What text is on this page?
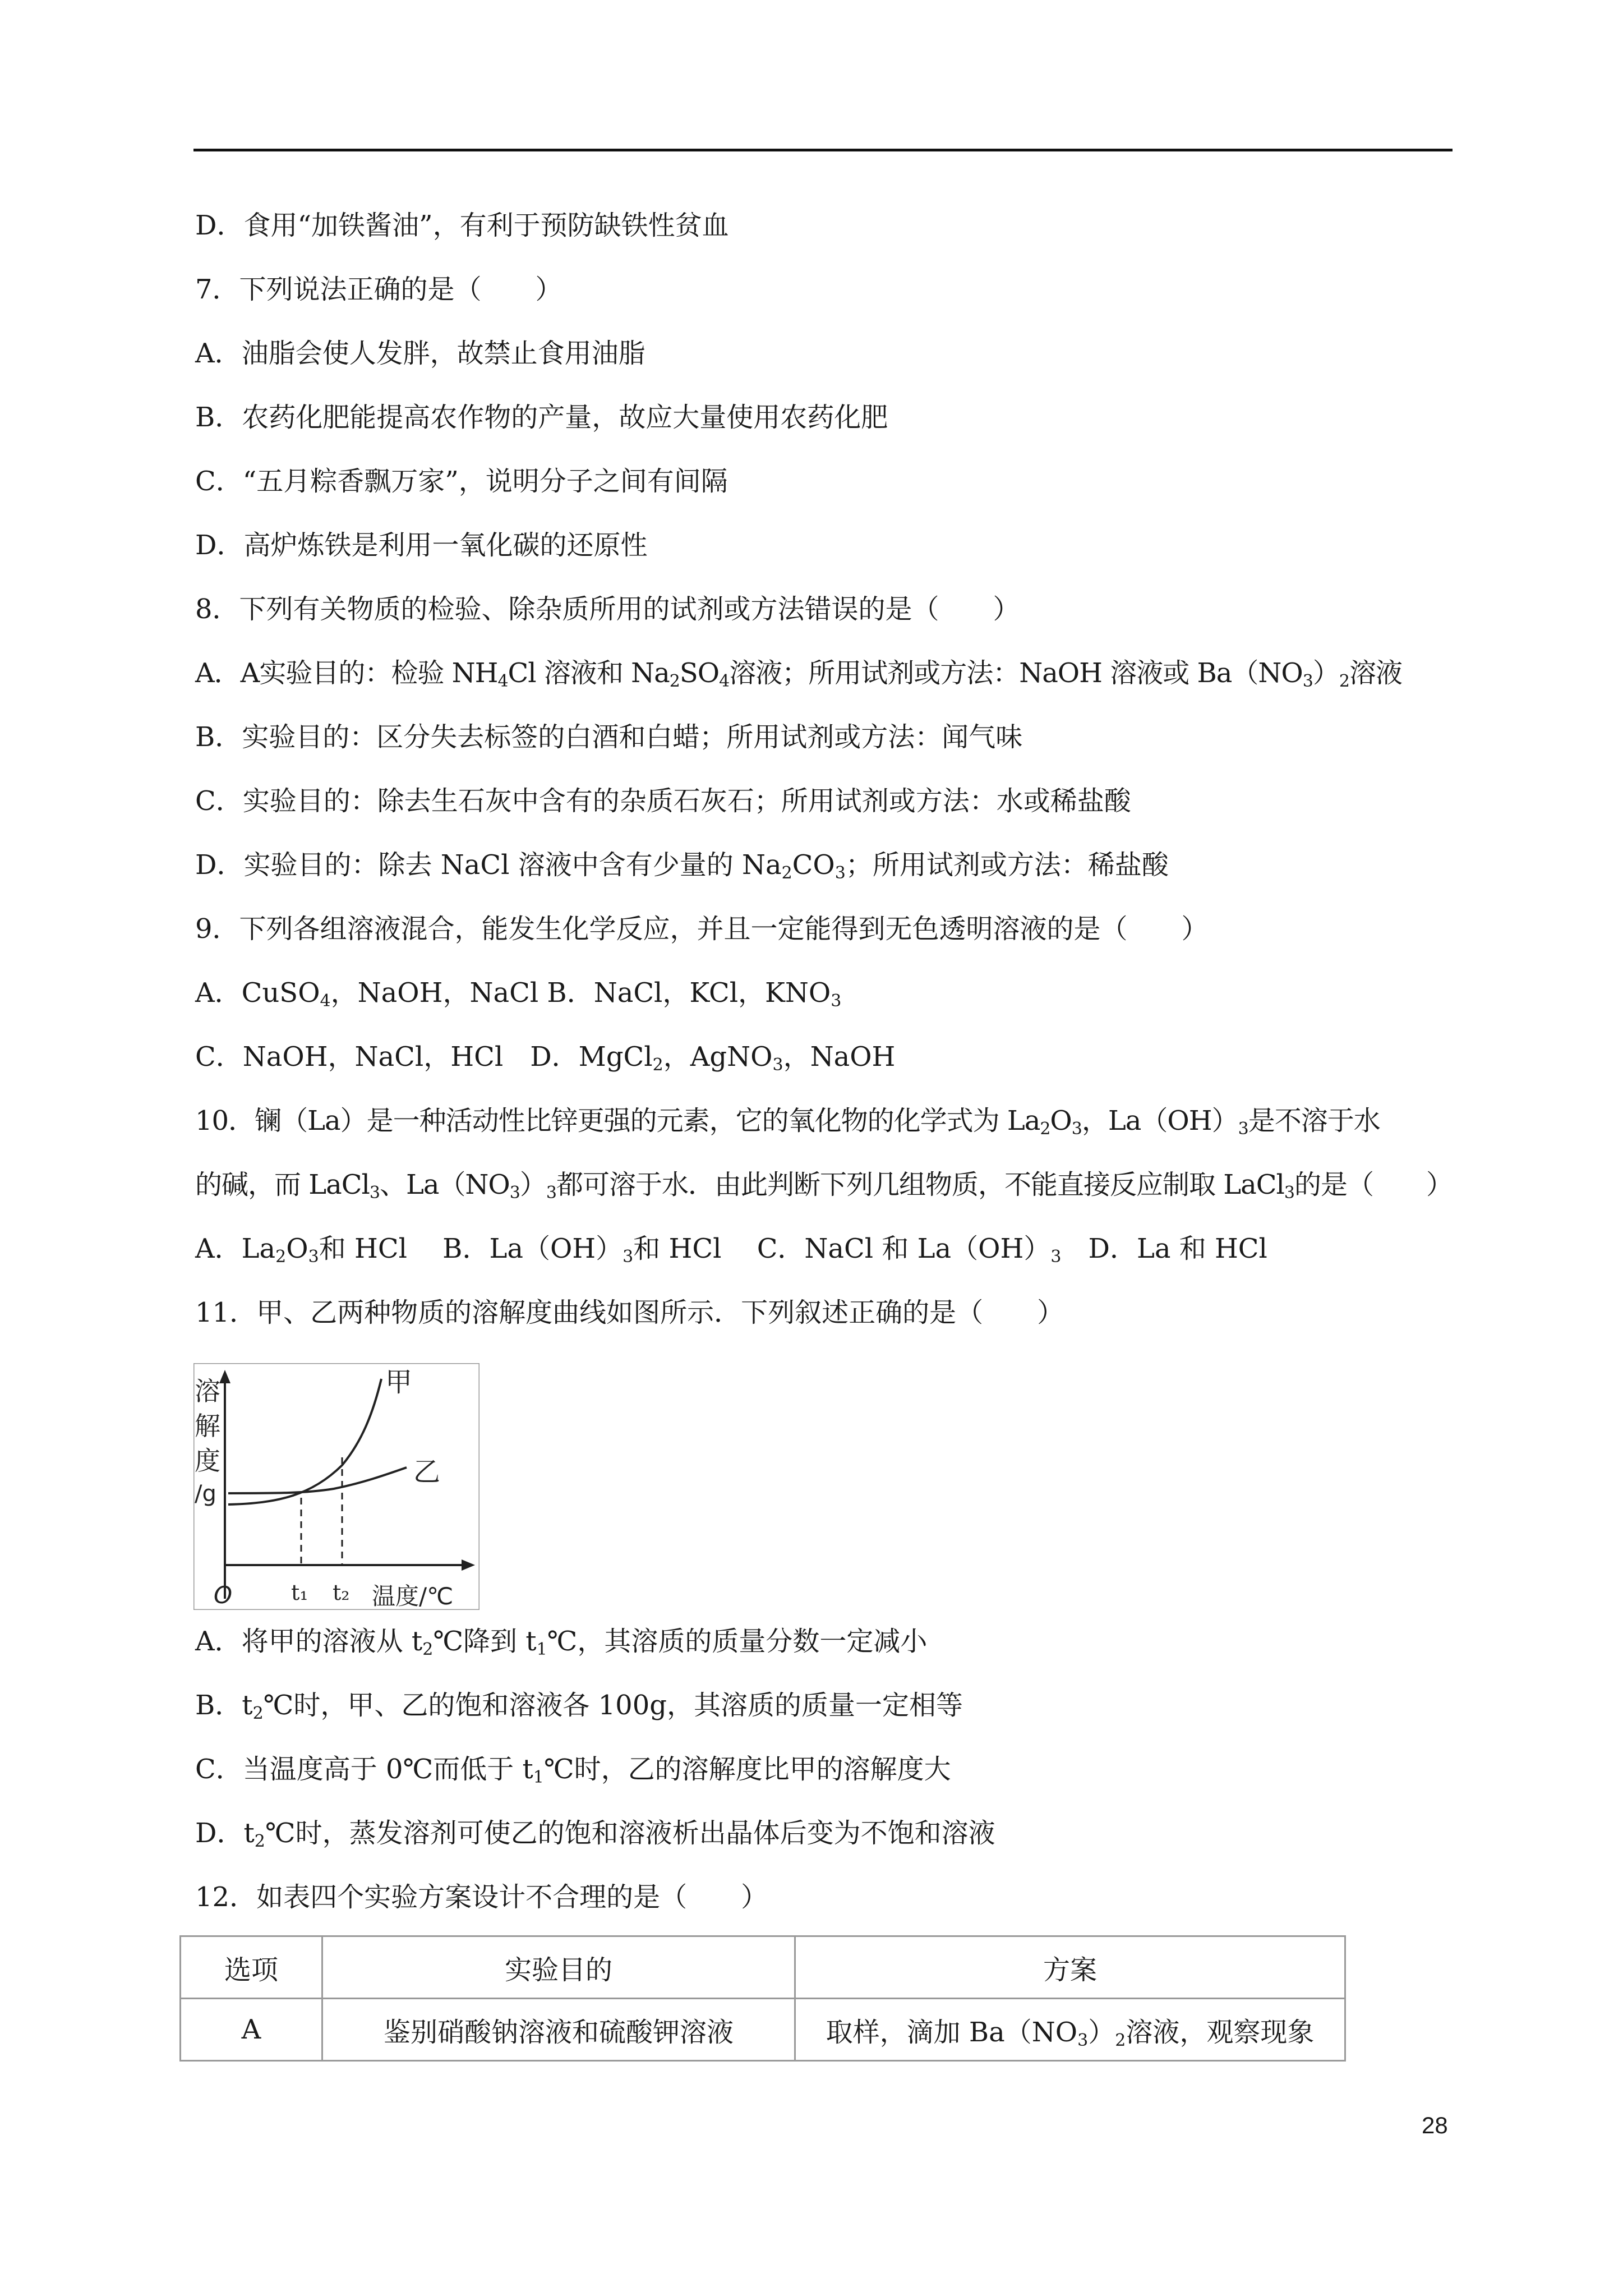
D．食用“加铁酱油”，有利于预防缺铁性贫血
7．下列说法正确的是（　　）
A．油脂会使人发胖，故禁止食用油脂
B．农药化肥能提高农作物的产量，故应大量使用农药化肥
C．“五月粽香飘万家”，说明分子之间有间隔
D．高炉炼铁是利用一氧化碳的还原性
8．下列有关物质的检验、除杂质所用的试剂或方法错误的是（　　）
A．A实验目的：检验 $NH_4Cl$ 溶液和 $Na_2SO_4$溶液；所用试剂或方法：NaOH 溶液或 $Ba(NO_3)_2$溶液
B．实验目的：区分失去标签的白酒和白蜡；所用试剂或方法：闻气味
C．实验目的：除去生石灰中含有的杂质石灰石；所用试剂或方法：水或稀盐酸
D．实验目的：除去 NaCl 溶液中含有少量的 $Na_2CO_3$；所用试剂或方法：稀盐酸
9．下列各组溶液混合，能发生化学反应，并且一定能得到无色透明溶液的是（　　）
A．CuSO$_4$，NaOH，NaCl B．NaCl，KCl，$KNO_3$
C．NaOH，NaCl，HCl　D．MgCl$_2$，AgNO$_3$，NaOH
10．镧（La）是一种活动性比锌更强的元素，它的氧化物的化学式为 $La_2O_3$，$La(OH)_3$是不溶于水
的碱，而 LaCl$_3$、$La(NO_3)_3$都可溶于水．由此判断下列几组物质，不能直接反应制取 LaCl$_3$的是（　　）
A．$La_2O_3$和 HCl　 B．$La(OH)_3$和 HCl　 C．NaCl 和 $La(OH)_3$　D．La 和 HCl
11．甲、乙两种物质的溶解度曲线如图所示．下列叙述正确的是（　　）
溶
解
度
/g
甲
乙
O	t₁ t₂ 温度/℃
A．将甲的溶液从 $t_2℃$降到 $t_1℃$，其溶质的质量分数一定减小
B．$t_2℃$时，甲、乙的饱和溶液各 100g，其溶质的质量一定相等
C．当温度高于 0℃而低于 $t_1℃$时，乙的溶解度比甲的溶解度大
D．$t_2℃$时，蒸发溶剂可使乙的饱和溶液析出晶体后变为不饱和溶液
12．如表四个实验方案设计不合理的是（　　）
选项	实验目的	方案
A	鉴别硝酸钠溶液和硫酸钾溶液	取样，滴加 $Ba(NO_3)_2$溶液，观察现象
28
